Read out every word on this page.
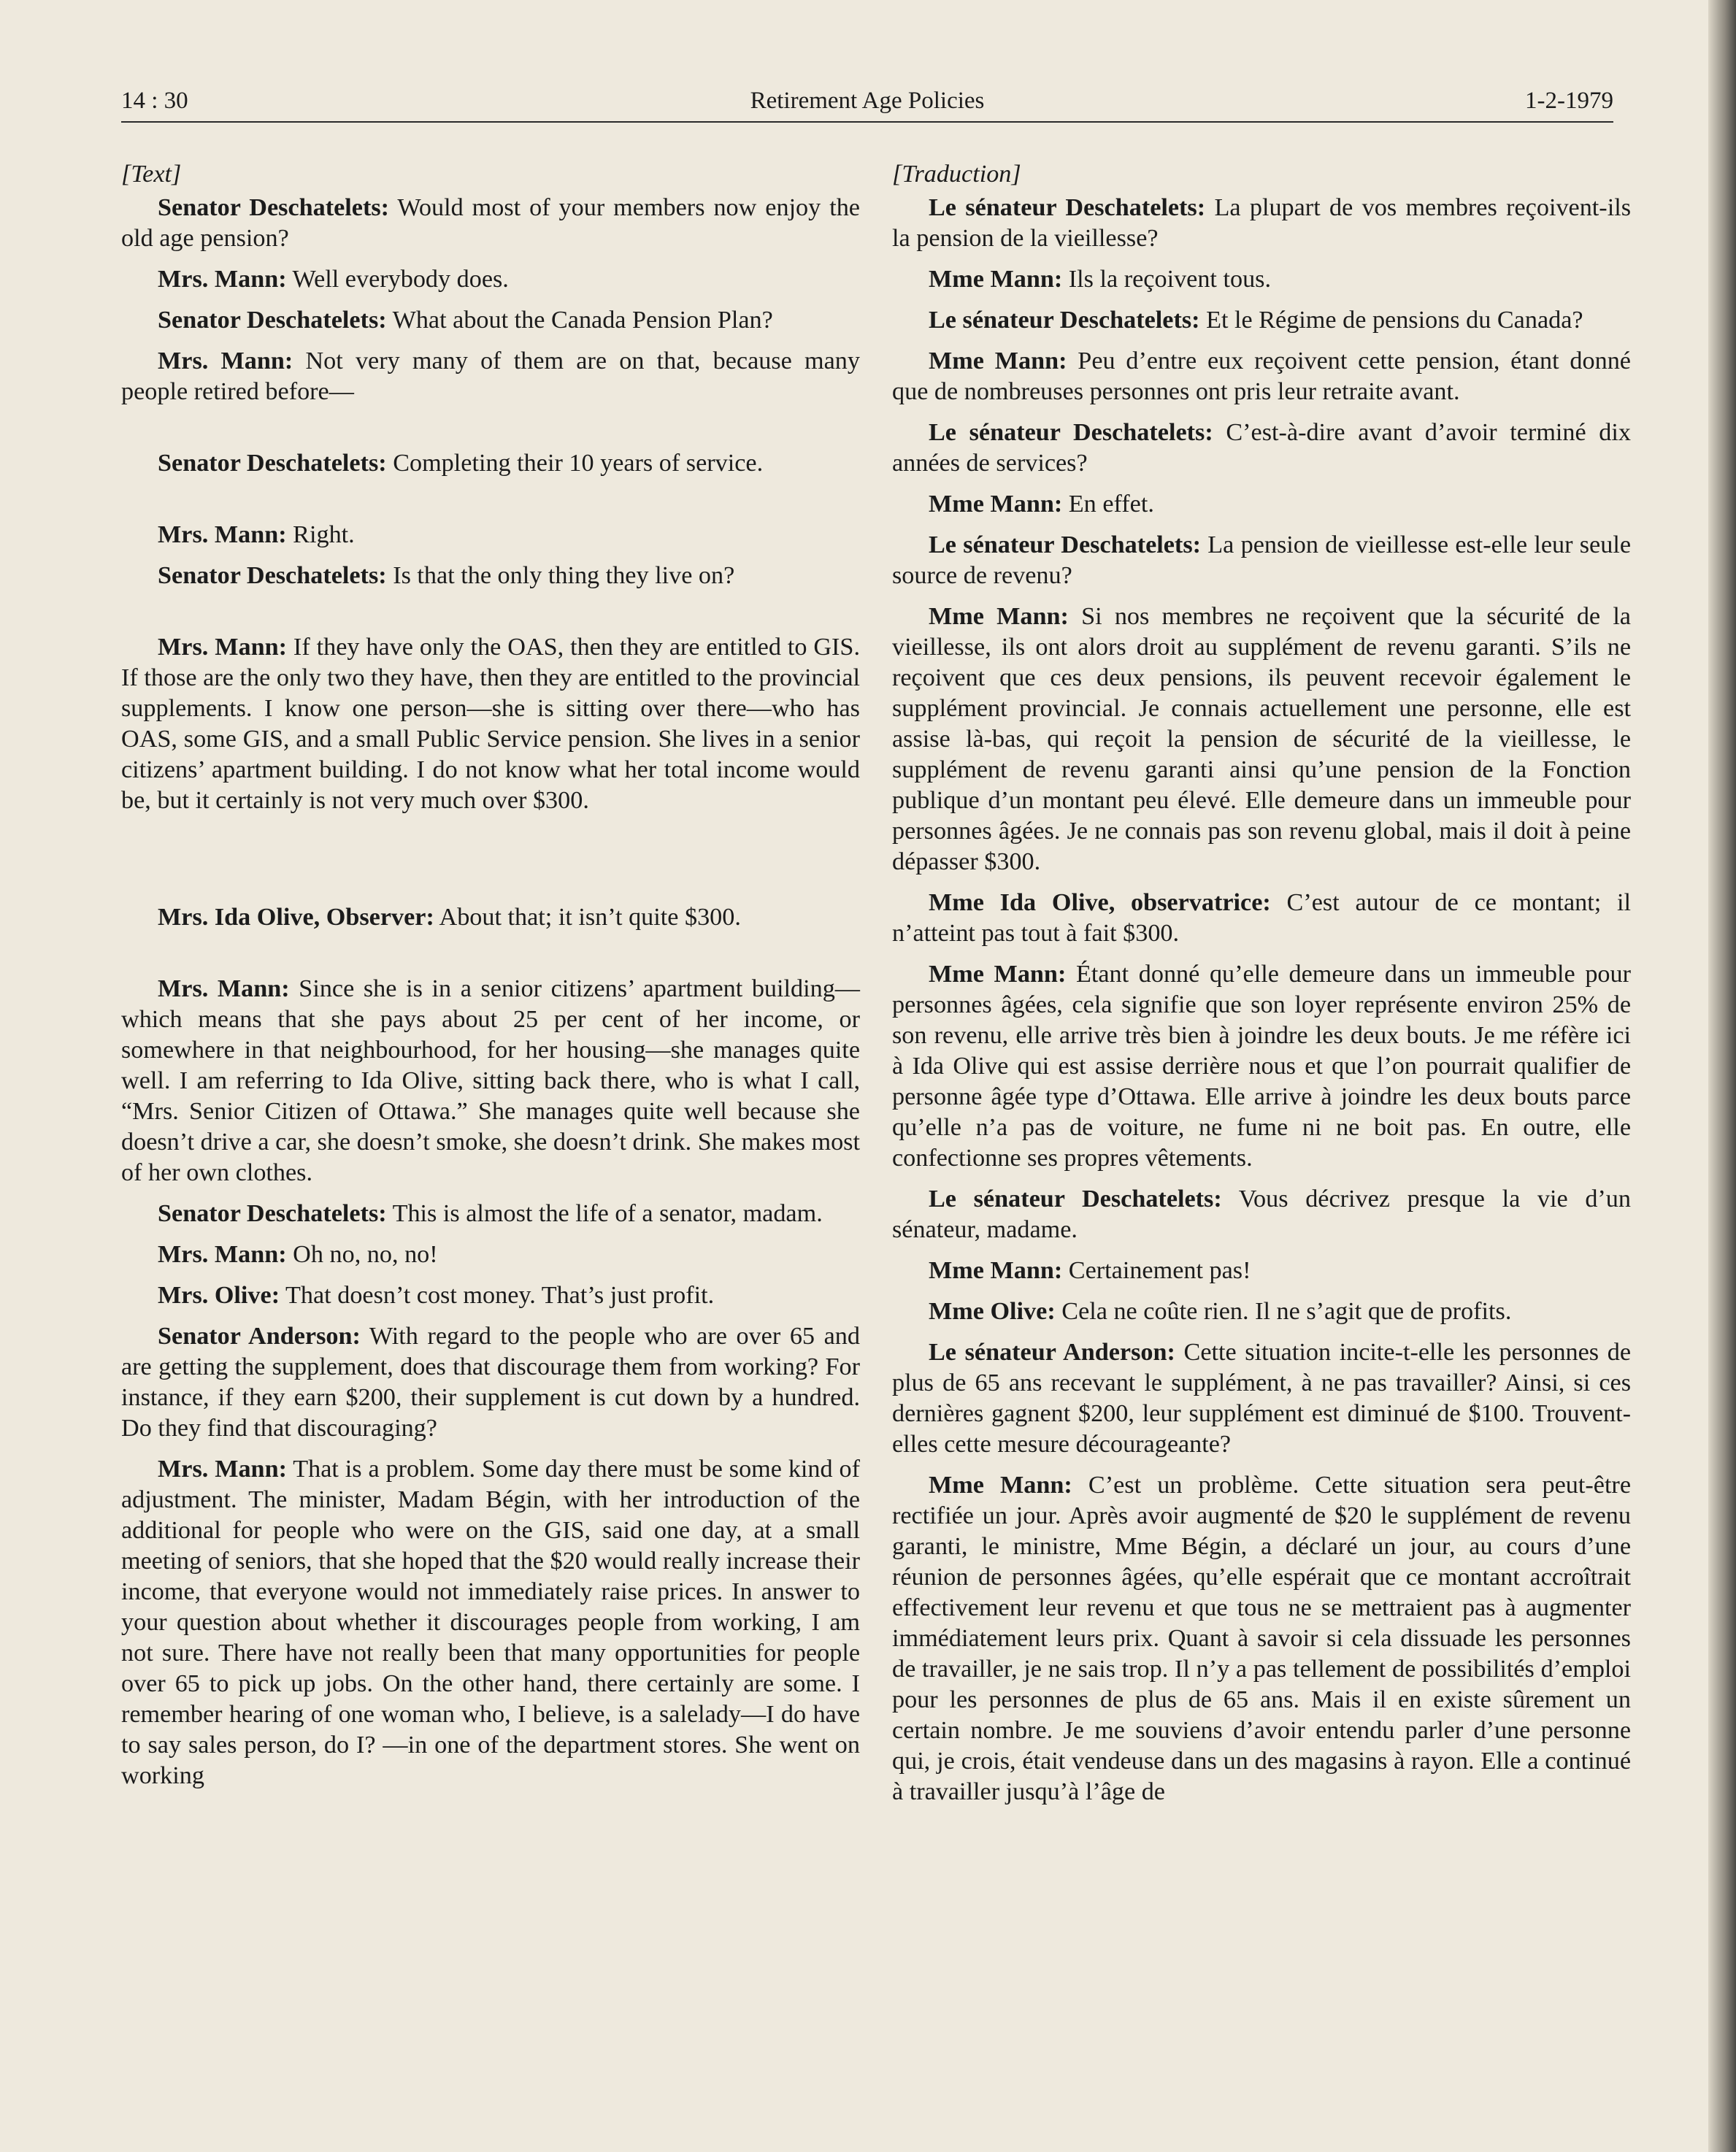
14 : 30	Retirement Age Policies	1-2-1979

[Text]

Senator Deschatelets: Would most of your members now enjoy the old age pension?

Mrs. Mann: Well everybody does.

Senator Deschatelets: What about the Canada Pension Plan?

Mrs. Mann: Not very many of them are on that, because many people retired before—

Senator Deschatelets: Completing their 10 years of service.

Mrs. Mann: Right.

Senator Deschatelets: Is that the only thing they live on?

Mrs. Mann: If they have only the OAS, then they are entitled to GIS. If those are the only two they have, then they are entitled to the provincial supplements. I know one person—she is sitting over there—who has OAS, some GIS, and a small Public Service pension. She lives in a senior citizens’ apartment building. I do not know what her total income would be, but it certainly is not very much over $300.

Mrs. Ida Olive, Observer: About that; it isn’t quite $300.

Mrs. Mann: Since she is in a senior citizens’ apartment building—which means that she pays about 25 per cent of her income, or somewhere in that neighbourhood, for her housing—she manages quite well. I am referring to Ida Olive, sitting back there, who is what I call, “Mrs. Senior Citizen of Ottawa.” She manages quite well because she doesn’t drive a car, she doesn’t smoke, she doesn’t drink. She makes most of her own clothes.

Senator Deschatelets: This is almost the life of a senator, madam.

Mrs. Mann: Oh no, no, no!

Mrs. Olive: That doesn’t cost money. That’s just profit.

Senator Anderson: With regard to the people who are over 65 and are getting the supplement, does that discourage them from working? For instance, if they earn $200, their supplement is cut down by a hundred. Do they find that discouraging?

Mrs. Mann: That is a problem. Some day there must be some kind of adjustment. The minister, Madam Bégin, with her introduction of the additional for people who were on the GIS, said one day, at a small meeting of seniors, that she hoped that the $20 would really increase their income, that everyone would not immediately raise prices. In answer to your question about whether it discourages people from working, I am not sure. There have not really been that many opportunities for people over 65 to pick up jobs. On the other hand, there certainly are some. I remember hearing of one woman who, I believe, is a salelady—I do have to say sales person, do I? —in one of the department stores. She went on working

[Traduction]

Le sénateur Deschatelets: La plupart de vos membres reçoivent-ils la pension de la vieillesse?

Mme Mann: Ils la reçoivent tous.

Le sénateur Deschatelets: Et le Régime de pensions du Canada?

Mme Mann: Peu d’entre eux reçoivent cette pension, étant donné que de nombreuses personnes ont pris leur retraite avant.

Le sénateur Deschatelets: C’est-à-dire avant d’avoir terminé dix années de services?

Mme Mann: En effet.

Le sénateur Deschatelets: La pension de vieillesse est-elle leur seule source de revenu?

Mme Mann: Si nos membres ne reçoivent que la sécurité de la vieillesse, ils ont alors droit au supplément de revenu garanti. S’ils ne reçoivent que ces deux pensions, ils peuvent recevoir également le supplément provincial. Je connais actuellement une personne, elle est assise là-bas, qui reçoit la pension de sécurité de la vieillesse, le supplément de revenu garanti ainsi qu’une pension de la Fonction publique d’un montant peu élevé. Elle demeure dans un immeuble pour personnes âgées. Je ne connais pas son revenu global, mais il doit à peine dépasser $300.

Mme Ida Olive, observatrice: C’est autour de ce montant; il n’atteint pas tout à fait $300.

Mme Mann: Étant donné qu’elle demeure dans un immeuble pour personnes âgées, cela signifie que son loyer représente environ 25% de son revenu, elle arrive très bien à joindre les deux bouts. Je me réfère ici à Ida Olive qui est assise derrière nous et que l’on pourrait qualifier de personne âgée type d’Ottawa. Elle arrive à joindre les deux bouts parce qu’elle n’a pas de voiture, ne fume ni ne boit pas. En outre, elle confectionne ses propres vêtements.

Le sénateur Deschatelets: Vous décrivez presque la vie d’un sénateur, madame.

Mme Mann: Certainement pas!

Mme Olive: Cela ne coûte rien. Il ne s’agit que de profits.

Le sénateur Anderson: Cette situation incite-t-elle les personnes de plus de 65 ans recevant le supplément, à ne pas travailler? Ainsi, si ces dernières gagnent $200, leur supplément est diminué de $100. Trouvent-elles cette mesure décourageante?

Mme Mann: C’est un problème. Cette situation sera peut-être rectifiée un jour. Après avoir augmenté de $20 le supplément de revenu garanti, le ministre, Mme Bégin, a déclaré un jour, au cours d’une réunion de personnes âgées, qu’elle espérait que ce montant accroîtrait effectivement leur revenu et que tous ne se mettraient pas à augmenter immédiatement leurs prix. Quant à savoir si cela dissuade les personnes de travailler, je ne sais trop. Il n’y a pas tellement de possibilités d’emploi pour les personnes de plus de 65 ans. Mais il en existe sûrement un certain nombre. Je me souviens d’avoir entendu parler d’une personne qui, je crois, était vendeuse dans un des magasins à rayon. Elle a continué à travailler jusqu’à l’âge de
